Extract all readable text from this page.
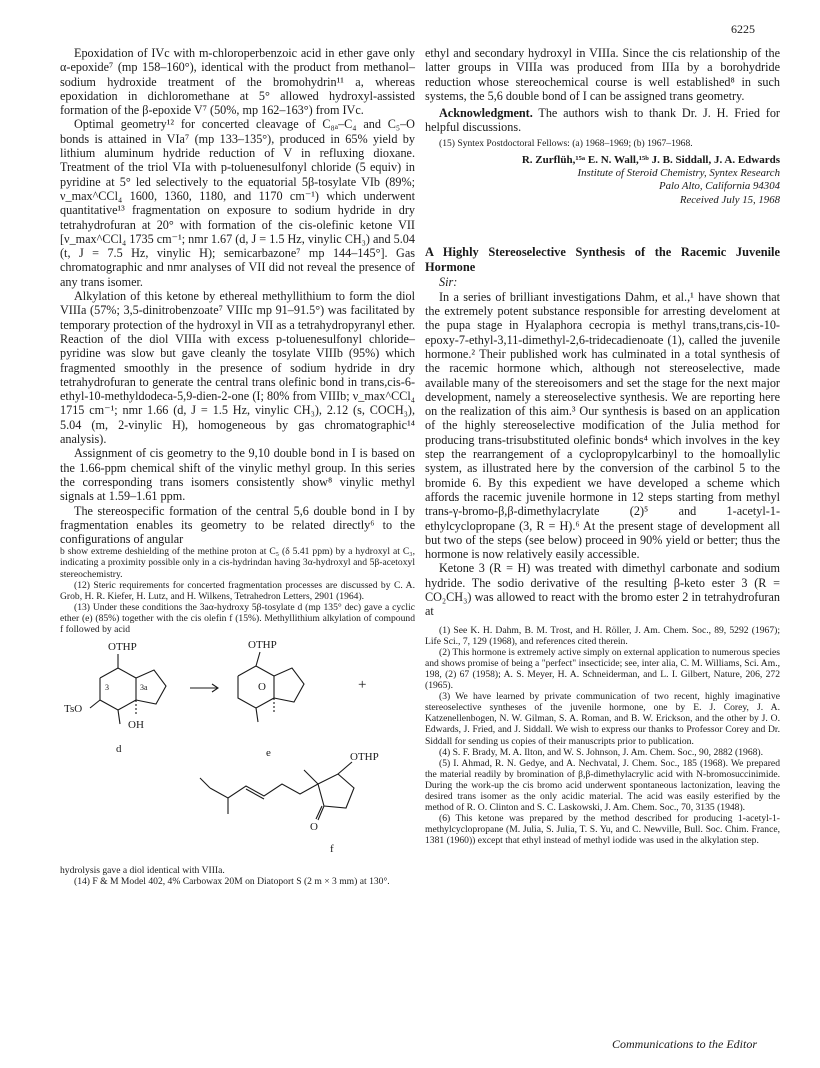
6225

Epoxidation of IVc with m-chloroperbenzoic acid in ether gave only α-epoxide⁷ (mp 158–160°), identical with the product from methanol–sodium hydroxide treatment of the bromohydrin¹¹ a, whereas epoxidation in dichloromethane at 5° allowed hydroxyl-assisted formation of the β-epoxide V⁷ (50%, mp 162–163°) from IVc.

Optimal geometry¹² for concerted cleavage of C₈ₐ–C₄ and C₅–O bonds is attained in VIa⁷ (mp 133–135°), produced in 65% yield by lithium aluminum hydride reduction of V in refluxing dioxane. Treatment of the triol VIa with p-toluenesulfonyl chloride (5 equiv) in pyridine at 5° led selectively to the equatorial 5β-tosylate VIb (89%; ν_max^CCl₄ 1600, 1360, 1180, and 1170 cm⁻¹) which underwent quantitative¹³ fragmentation on exposure to sodium hydride in dry tetrahydrofuran at 20° with formation of the cis-olefinic ketone VII [ν_max^CCl₄ 1735 cm⁻¹; nmr 1.67 (d, J = 1.5 Hz, vinylic CH₃) and 5.04 (t, J = 7.5 Hz, vinylic H); semicarbazone⁷ mp 144–145°]. Gas chromatographic and nmr analyses of VII did not reveal the presence of any trans isomer.

Alkylation of this ketone by ethereal methyllithium to form the diol VIIIa (57%; 3,5-dinitrobenzoate⁷ VIIIc mp 91–91.5°) was facilitated by temporary protection of the hydroxyl in VII as a tetrahydropyranyl ether. Reaction of the diol VIIIa with excess p-toluenesulfonyl chloride–pyridine was slow but gave cleanly the tosylate VIIIb (95%) which fragmented smoothly in the presence of sodium hydride in dry tetrahydrofuran to generate the central trans olefinic bond in trans,cis-6-ethyl-10-methyldodeca-5,9-dien-2-one (I; 80% from VIIIb; ν_max^CCl₄ 1715 cm⁻¹; nmr 1.66 (d, J = 1.5 Hz, vinylic CH₃), 2.12 (s, COCH₃), 5.04 (m, 2-vinylic H), homogeneous by gas chromatographic¹⁴ analysis).

Assignment of cis geometry to the 9,10 double bond in I is based on the 1.66-ppm chemical shift of the vinylic methyl group. In this series the corresponding trans isomers consistently show⁸ vinylic methyl signals at 1.59–1.61 ppm.

The stereospecific formation of the central 5,6 double bond in I by fragmentation enables its geometry to be related directly⁶ to the configurations of angular

b show extreme deshielding of the methine proton at C₅ (δ 5.41 ppm) by a hydroxyl at C₃, indicating a proximity possible only in a cis-hydrindan having 3α-hydroxyl and 5β-acetoxyl stereochemistry.

(12) Steric requirements for concerted fragmentation processes are discussed by C. A. Grob, H. R. Kiefer, H. Lutz, and H. Wilkens, Tetrahedron Letters, 2901 (1964).

(13) Under these conditions the 3aα-hydroxy 5β-tosylate d (mp 135° dec) gave a cyclic ether (e) (85%) together with the cis olefin f (15%). Methyllithium alkylation of compound f followed by acid

OTHP	OTHP
OTHP
TsO
OH
3	3a	O
O
d	e
f
+

hydrolysis gave a diol identical with VIIIa.

(14) F & M Model 402, 4% Carbowax 20M on Diatoport S (2 m × 3 mm) at 130°.

ethyl and secondary hydroxyl in VIIIa. Since the cis relationship of the latter groups in VIIIa was produced from IIIa by a borohydride reduction whose stereochemical course is well established⁸ in such systems, the 5,6 double bond of I can be assigned trans geometry.

Acknowledgment. The authors wish to thank Dr. J. H. Fried for helpful discussions.

(15) Syntex Postdoctoral Fellows: (a) 1968–1969; (b) 1967–1968.

R. Zurflüh,¹⁵ᵃ E. N. Wall,¹⁵ᵇ J. B. Siddall, J. A. Edwards
Institute of Steroid Chemistry, Syntex Research
Palo Alto, California 94304
Received July 15, 1968

A Highly Stereoselective Synthesis of the Racemic Juvenile Hormone

Sir:

In a series of brilliant investigations Dahm, et al.,¹ have shown that the extremely potent substance responsible for arresting develoment at the pupa stage in Hyalaphora cecropia is methyl trans,trans,cis-10-epoxy-7-ethyl-3,11-dimethyl-2,6-tridecadienoate (1), called the juvenile hormone.² Their published work has culminated in a total synthesis of the racemic hormone which, although not stereoselective, made available many of the stereoisomers and set the stage for the next major development, namely a stereoselective synthesis. We are reporting here on the realization of this aim.³ Our synthesis is based on an application of the highly stereoselective modification of the Julia method for producing trans-trisubstituted olefinic bonds⁴ which involves in the key step the rearrangement of a cyclopropylcarbinyl to the homoallylic system, as illustrated here by the conversion of the carbinol 5 to the bromide 6. By this expedient we have developed a scheme which affords the racemic juvenile hormone in 12 steps starting from methyl trans-γ-bromo-β,β-dimethylacrylate (2)⁵ and 1-acetyl-1-ethylcyclopropane (3, R = H).⁶ At the present stage of development all but two of the steps (see below) proceed in 90% yield or better; thus the hormone is now relatively easily accessible.

Ketone 3 (R = H) was treated with dimethyl carbonate and sodium hydride. The sodio derivative of the resulting β-keto ester 3 (R = CO₂CH₃) was allowed to react with the bromo ester 2 in tetrahydrofuran at

(1) See K. H. Dahm, B. M. Trost, and H. Röller, J. Am. Chem. Soc., 89, 5292 (1967); Life Sci., 7, 129 (1968), and references cited therein.

(2) This hormone is extremely active simply on external application to numerous species and shows promise of being a "perfect" insecticide; see, inter alia, C. M. Williams, Sci. Am., 198, (2) 67 (1958); A. S. Meyer, H. A. Schneiderman, and L. I. Gilbert, Nature, 206, 272 (1965).

(3) We have learned by private communication of two recent, highly imaginative stereoselective syntheses of the juvenile hormone, one by E. J. Corey, J. A. Katzenellenbogen, N. W. Gilman, S. A. Roman, and B. W. Erickson, and the other by J. O. Edwards, J. Fried, and J. Siddall. We wish to express our thanks to Professor Corey and Dr. Siddall for sending us copies of their manuscripts prior to publication.

(4) S. F. Brady, M. A. Ilton, and W. S. Johnson, J. Am. Chem. Soc., 90, 2882 (1968).

(5) I. Ahmad, R. N. Gedye, and A. Nechvatal, J. Chem. Soc., 185 (1968). We prepared the material readily by bromination of β,β-dimethylacrylic acid with N-bromosuccinimide. During the work-up the cis bromo acid underwent spontaneous lactonization, leaving the desired trans isomer as the only acidic material. The acid was easily esterified by the method of R. O. Clinton and S. C. Laskowski, J. Am. Chem. Soc., 70, 3135 (1948).

(6) This ketone was prepared by the method described for producing 1-acetyl-1-methylcyclopropane (M. Julia, S. Julia, T. S. Yu, and C. Newville, Bull. Soc. Chim. France, 1381 (1960)) except that ethyl instead of methyl iodide was used in the alkylation step.

Communications to the Editor
